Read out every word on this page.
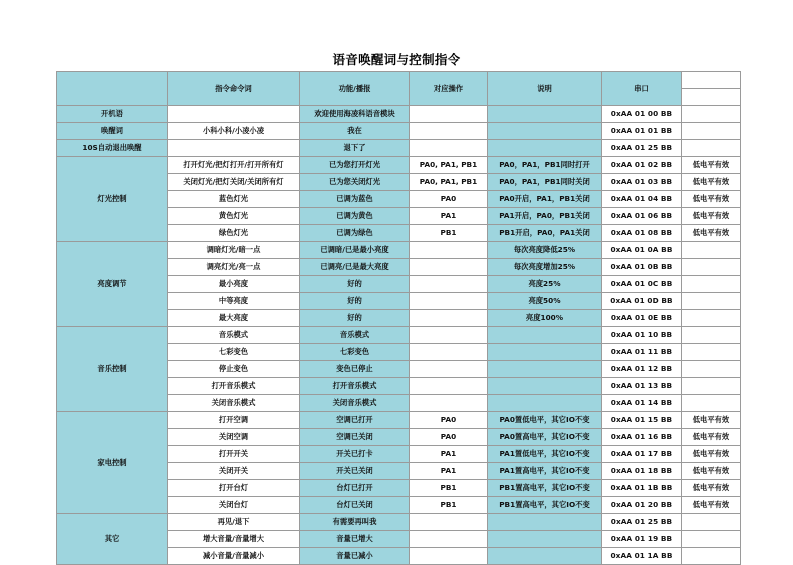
语音唤醒词与控制指令
	指令命令词	功能/播报	对应操作	说明	串口	

开机语		欢迎使用海凌科语音模块			0xAA 01 00 BB	
唤醒词	小科小科/小凌小凌	我在			0xAA 01 01 BB	
10S自动退出唤醒		退下了			0xAA 01 25 BB	
灯光控制	打开灯光/把灯打开/打开所有灯	已为您打开灯光	PA0, PA1, PB1	PA0，PA1，PB1同时打开	0xAA 01 02 BB	低电平有效
	关闭灯光/把灯关闭/关闭所有灯	已为您关闭灯光	PA0, PA1, PB1	PA0，PA1，PB1同时关闭	0xAA 01 03 BB	低电平有效
	蓝色灯光	已调为蓝色	PA0	PA0开启，PA1，PB1关闭	0xAA 01 04 BB	低电平有效
	黄色灯光	已调为黄色	PA1	PA1开启，PA0，PB1关闭	0xAA 01 06 BB	低电平有效
	绿色灯光	已调为绿色	PB1	PB1开启，PA0，PA1关闭	0xAA 01 08 BB	低电平有效
亮度调节	调暗灯光/暗一点	已调暗/已是最小亮度		每次亮度降低25%	0xAA 01 0A BB	
	调亮灯光/亮一点	已调亮/已是最大亮度		每次亮度增加25%	0xAA 01 0B BB	
	最小亮度	好的		亮度25%	0xAA 01 0C BB	
	中等亮度	好的		亮度50%	0xAA 01 0D BB	
	最大亮度	好的		亮度100%	0xAA 01 0E BB	
音乐控制	音乐模式	音乐模式			0xAA 01 10 BB	
	七彩变色	七彩变色			0xAA 01 11 BB	
	停止变色	变色已停止			0xAA 01 12 BB	
	打开音乐模式	打开音乐模式			0xAA 01 13 BB	
	关闭音乐模式	关闭音乐模式			0xAA 01 14 BB	
家电控制	打开空调	空调已打开	PA0	PA0置低电平，其它IO不变	0xAA 01 15 BB	低电平有效
	关闭空调	空调已关闭	PA0	PA0置高电平，其它IO不变	0xAA 01 16 BB	低电平有效
	打开开关	开关已打卡	PA1	PA1置低电平，其它IO不变	0xAA 01 17 BB	低电平有效
	关闭开关	开关已关闭	PA1	PA1置高电平，其它IO不变	0xAA 01 18 BB	低电平有效
	打开台灯	台灯已打开	PB1	PB1置高电平，其它IO不变	0xAA 01 1B BB	低电平有效
	关闭台灯	台灯已关闭	PB1	PB1置高电平，其它IO不变	0xAA 01 20 BB	低电平有效
其它	再见/退下	有需要再叫我			0xAA 01 25 BB	
	增大音量/音量增大	音量已增大			0xAA 01 19 BB	
	减小音量/音量减小	音量已减小			0xAA 01 1A BB	
